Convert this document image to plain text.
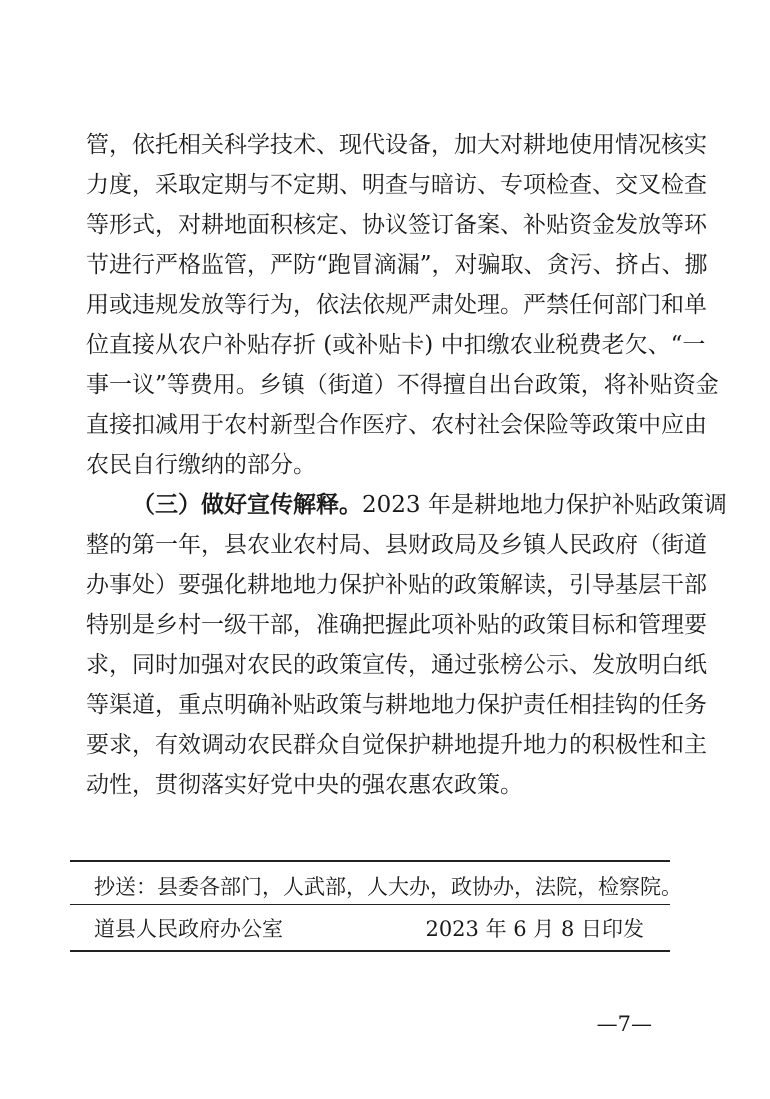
管，依托相关科学技术、现代设备，加大对耕地使用情况核实
力度，采取定期与不定期、明查与暗访、专项检查、交叉检查
等形式，对耕地面积核定、协议签订备案、补贴资金发放等环
节进行严格监管，严防“跑冒滴漏”，对骗取、贪污、挤占、挪
用或违规发放等行为，依法依规严肃处理。严禁任何部门和单
位直接从农户补贴存折 (或补贴卡) 中扣缴农业税费老欠、“一
事一议”等费用。乡镇（街道）不得擅自出台政策，将补贴资金
直接扣减用于农村新型合作医疗、农村社会保险等政策中应由
农民自行缴纳的部分。
（三）做好宣传解释。2023 年是耕地地力保护补贴政策调
整的第一年，县农业农村局、县财政局及乡镇人民政府（街道
办事处）要强化耕地地力保护补贴的政策解读，引导基层干部
特别是乡村一级干部，准确把握此项补贴的政策目标和管理要
求，同时加强对农民的政策宣传，通过张榜公示、发放明白纸
等渠道，重点明确补贴政策与耕地地力保护责任相挂钩的任务
要求，有效调动农民群众自觉保护耕地提升地力的积极性和主
动性，贯彻落实好党中央的强农惠农政策。
抄送：县委各部门，人武部，人大办，政协办，法院，检察院。
道县人民政府办公室	2023 年 6 月 8 日印发
—7—
